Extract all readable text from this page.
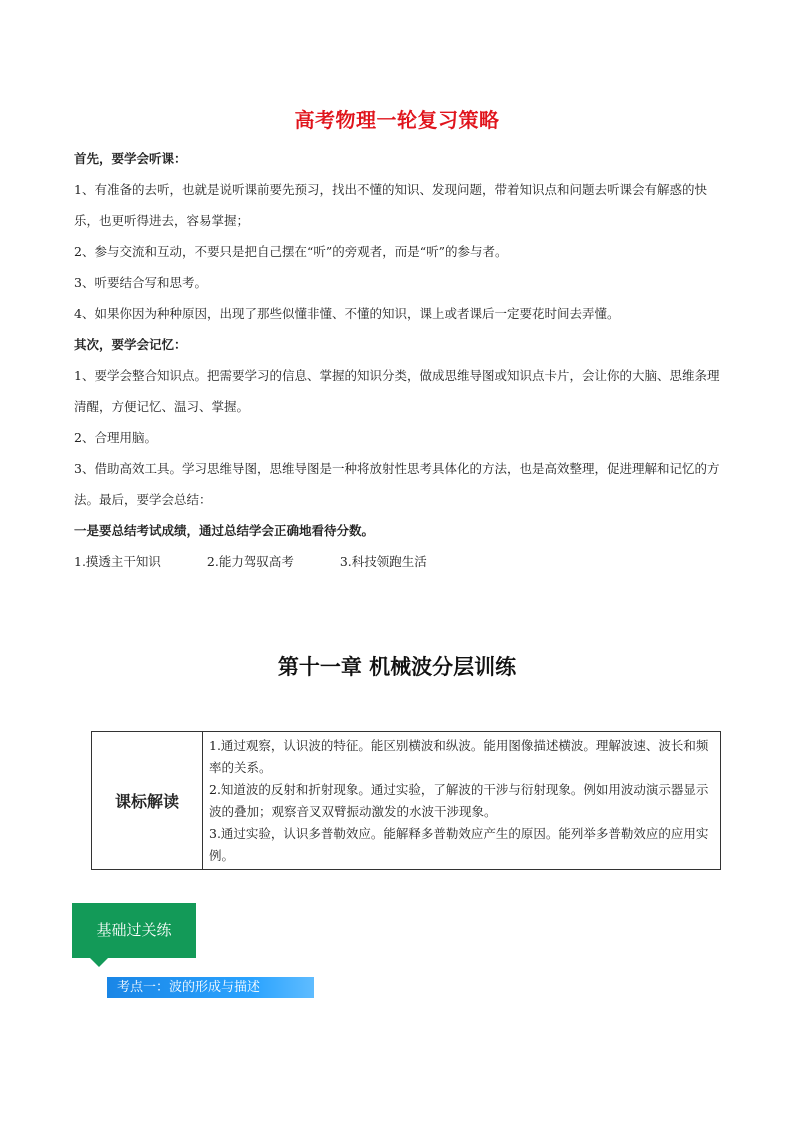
高考物理一轮复习策略

首先，要学会听课：

1、有准备的去听，也就是说听课前要先预习，找出不懂的知识、发现问题，带着知识点和问题去听课会有解惑的快乐，也更听得进去，容易掌握；

2、参与交流和互动，不要只是把自己摆在“听”的旁观者，而是“听”的参与者。

3、听要结合写和思考。

4、如果你因为种种原因，出现了那些似懂非懂、不懂的知识，课上或者课后一定要花时间去弄懂。

其次，要学会记忆：

1、要学会整合知识点。把需要学习的信息、掌握的知识分类，做成思维导图或知识点卡片，会让你的大脑、思维条理清醒，方便记忆、温习、掌握。

2、合理用脑。

3、借助高效工具。学习思维导图，思维导图是一种将放射性思考具体化的方法，也是高效整理，促进理解和记忆的方法。最后，要学会总结：

一是要总结考试成绩，通过总结学会正确地看待分数。

1.摸透主干知识	2.能力驾驭高考	3.科技领跑生活

第十一章 机械波分层训练
课标解读	

1.通过观察，认识波的特征。能区别横波和纵波。能用图像描述横波。理解波速、波长和频率的关系。

2.知道波的反射和折射现象。通过实验，了解波的干涉与衍射现象。例如用波动演示器显示波的叠加；观察音叉双臂振动激发的水波干涉现象。

3.通过实验，认识多普勒效应。能解释多普勒效应产生的原因。能列举多普勒效应的应用实例。

基础过关练
考点一：波的形成与描述
